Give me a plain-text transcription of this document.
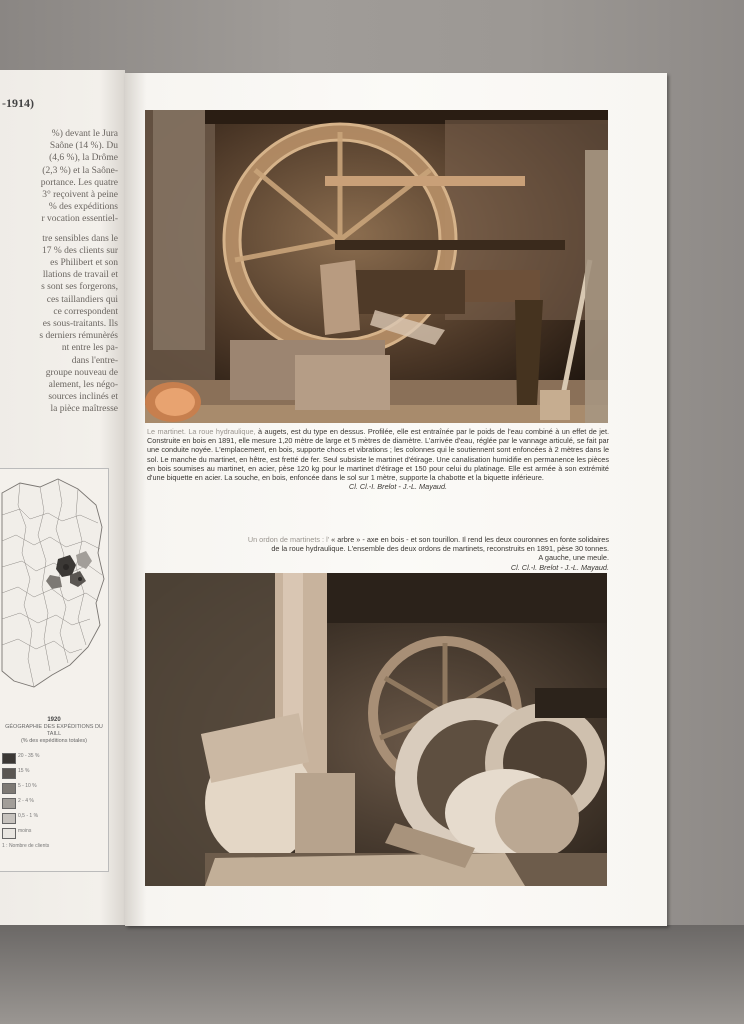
-1914)

%) devant le Jura
Saône (14 %). Du
(4,6 %), la Drôme
(2,3 %) et la Saône-
portance. Les quatre
3° reçoivent à peine
% des expéditions
r vocation essentiel-

tre sensibles dans le
17 % des clients sur
es Philibert et son
llations de travail et
s sont ses forgerons,
ces taillandiers qui
ce correspondent
es sous-traitants. Ils
s derniers rémunèrés
nt entre les pa-
dans l'entre-
groupe nouveau de
alement, les négo-
sources inclinés et
la pièce maîtresse

1920
GÉOGRAPHIE DES EXPÉDITIONS DU TAILL
(% des expéditions totales)
20 - 35 %
15 %
5 - 10 %
2 - 4 %
0,5 - 1 %
moins
1 : Nombre de clients
Le martinet. La roue hydraulique, à augets, est du type en dessus. Profilée, elle est entraînée par le poids de l'eau combiné à un effet de jet. Construite en bois en 1891, elle mesure 1,20 mètre de large et 5 mètres de diamètre. L'arrivée d'eau, réglée par le vannage articulé, se fait par une conduite noyée. L'emplacement, en bois, supporte chocs et vibrations ; les colonnes qui le soutiennent sont enfoncées à 2 mètres dans le sol. Le manche du martinet, en hêtre, est fretté de fer. Seul subsiste le martinet d'étirage. Une canalisation humidifie en permanence les pièces en bois soumises au martinet, en acier, pèse 120 kg pour le martinet d'étirage et 150 pour celui du platinage. Elle est armée à son extrémité d'une biquette en acier. La souche, en bois, enfoncée dans le sol sur 1 mètre, supporte la chabotte et la biquette inférieure.
Cl. Cl.-I. Brelot - J.-L. Mayaud.
Un ordon de martinets : l' « arbre » - axe en bois - et son tourillon. Il rend les deux couronnes en fonte solidaires
de la roue hydraulique. L'ensemble des deux ordons de martinets, reconstruits en 1891, pèse 30 tonnes.
A gauche, une meule.
Cl. Cl.-I. Brelot - J.-L. Mayaud.
